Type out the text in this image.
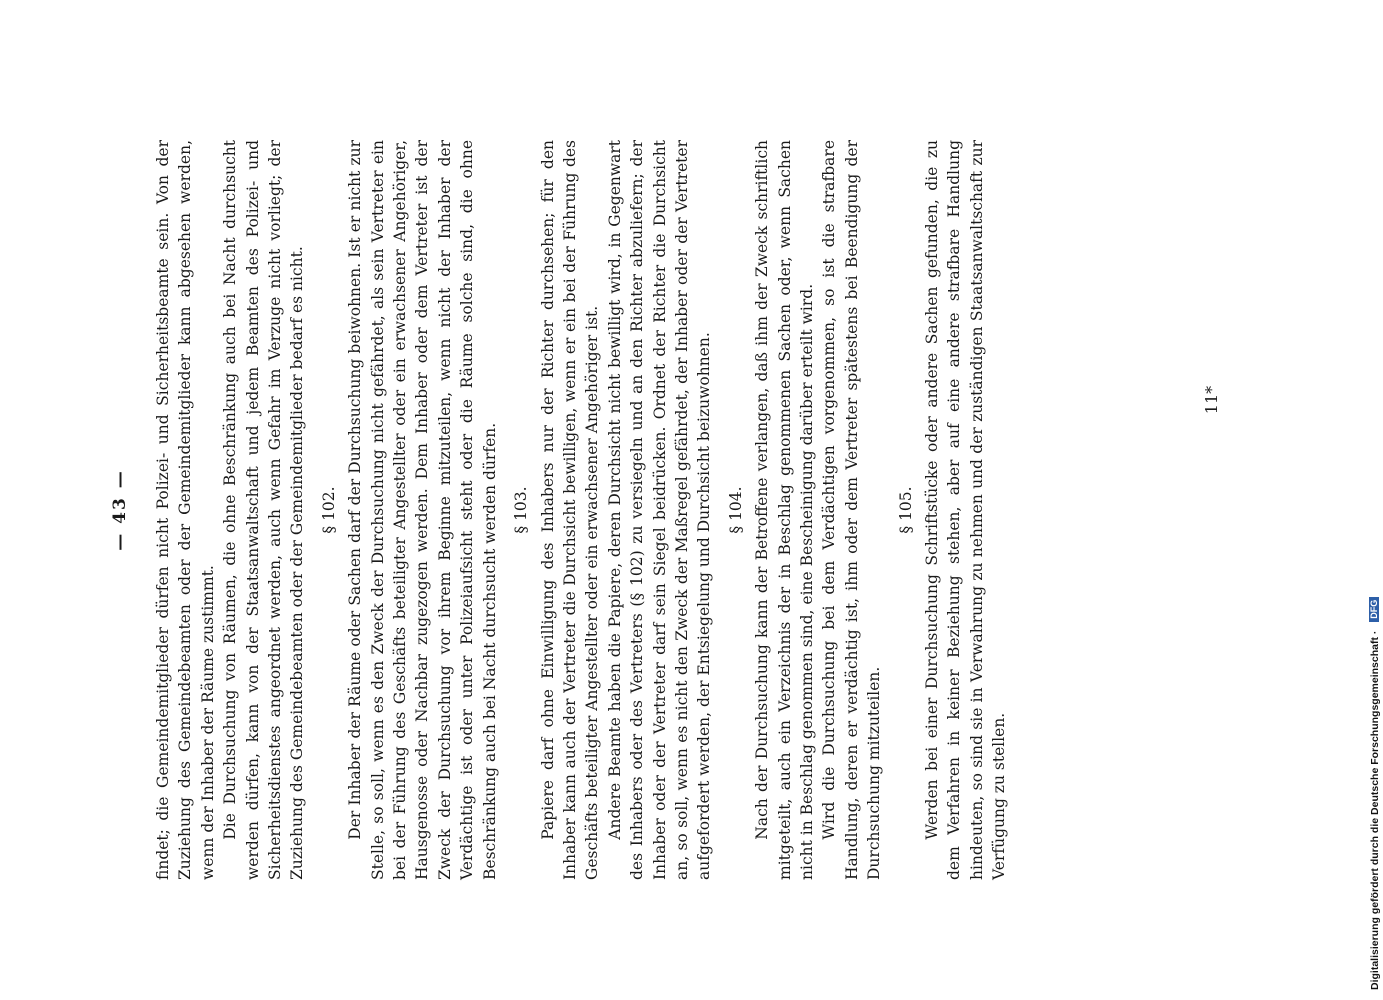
— 43 —	findet; die Gemeindemitglieder dürfen nicht Polizei- und Sicherheitsbeamte sein. Von der Zuziehung des Gemeindebeamten oder der Gemeindemitglieder kann abgesehen werden, wenn der Inhaber der Räume zustimmt. Die Durchsuchung von Räumen, die ohne Beschränkung auch bei Nacht durchsucht werden dürfen, kann von der Staatsanwaltschaft und jedem Beamten des Polizei- und Sicherheitsdienstes angeordnet werden, auch wenn Gefahr im Verzuge nicht vorliegt; der Zuziehung des Gemeindebeamten oder der Gemeindemitglieder bedarf es nicht. § 102. Der Inhaber der Räume oder Sachen darf der Durchsuchung beiwohnen. Ist er nicht zur Stelle, so soll, wenn es den Zweck der Durchsuchung nicht gefährdet, als sein Vertreter ein bei der Führung des Geschäfts beteiligter Angestellter oder ein erwachsener Angehöriger, Hausgenosse oder Nachbar zugezogen werden. Dem Inhaber oder dem Vertreter ist der Zweck der Durchsuchung vor ihrem Beginne mitzuteilen, wenn nicht der Inhaber der Verdächtige ist oder unter Polizeiaufsicht steht oder die Räume solche sind, die ohne Beschränkung auch bei Nacht durchsucht werden dürfen. § 103. Papiere darf ohne Einwilligung des Inhabers nur der Richter durchsehen; für den Inhaber kann auch der Vertreter die Durchsicht bewilligen, wenn er ein bei der Führung des Geschäfts beteiligter Angestellter oder ein erwachsener Angehöriger ist. Andere Beamte haben die Papiere, deren Durchsicht nicht bewilligt wird, in Gegenwart des Inhabers oder des Vertreters (§ 102) zu versiegeln und an den Richter abzuliefern; der Inhaber oder der Vertreter darf sein Siegel beidrücken. Ordnet der Richter die Durchsicht an, so soll, wenn es nicht den Zweck der Maßregel gefährdet, der Inhaber oder der Vertreter aufgefordert werden, der Entsiegelung und Durchsicht beizuwohnen. § 104. Nach der Durchsuchung kann der Betroffene verlangen, daß ihm der Zweck schriftlich mitgeteilt, auch ein Verzeichnis der in Beschlag genommenen Sachen oder, wenn Sachen nicht in Beschlag genommen sind, eine Bescheinigung darüber erteilt wird. Wird die Durchsuchung bei dem Verdächtigen vorgenommen, so ist die strafbare Handlung, deren er verdächtig ist, ihm oder dem Vertreter spätestens bei Beendigung der Durchsuchung mitzuteilen.

§ 105. Werden bei einer Durchsuchung Schriftstücke oder andere Sachen gefunden, die zu dem Verfahren in keiner Beziehung stehen, aber auf eine andere strafbare Handlung hindeuten, so sind sie in Verwahrung zu nehmen und der zuständigen Staatsanwaltschaft zur Verfügung zu stellen.

11*
Digitalisierung gefördert durch die Deutsche Forschungsgemeinschaft · DFG
